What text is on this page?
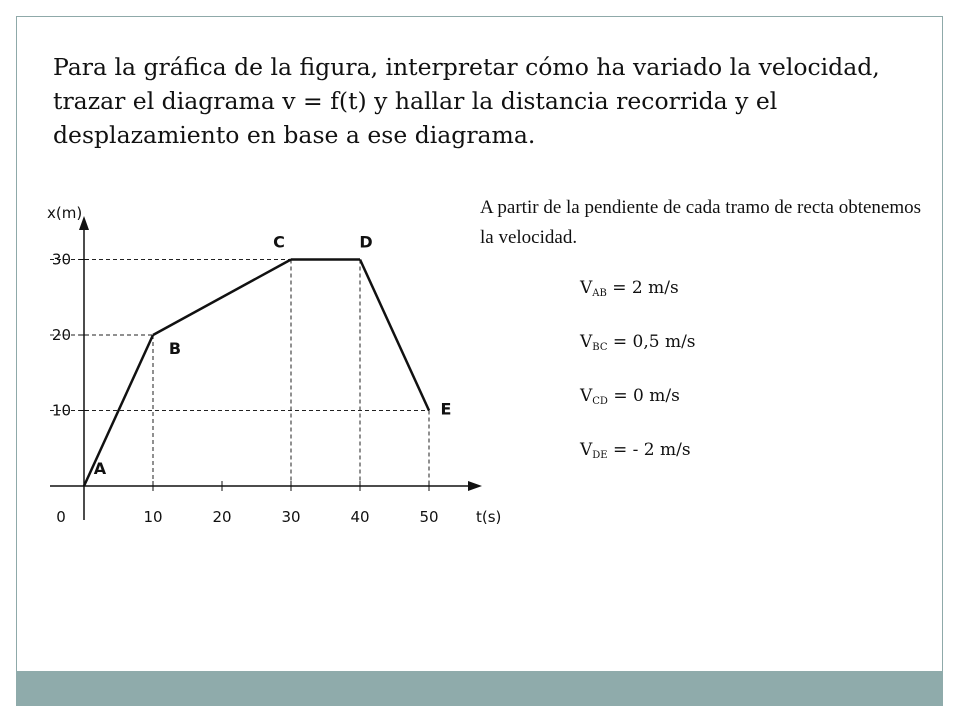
Para la gráfica de la figura, interpretar cómo ha variado la velocidad, trazar el diagrama v = f(t) y hallar la distancia recorrida y el desplazamiento en base a ese diagrama.

A partir de la pendiente de cada tramo de recta obtenemos la velocidad.
$V_{AB} = 2$ m/s
$V_{BC} = 0,5$ m/s
$V_{CD} = 0$ m/s
$V_{DE}$ = - 2 m/s
0	10	20	30	40	50
10
20
30
t(s)
x(m)
A
B
C	D
E
